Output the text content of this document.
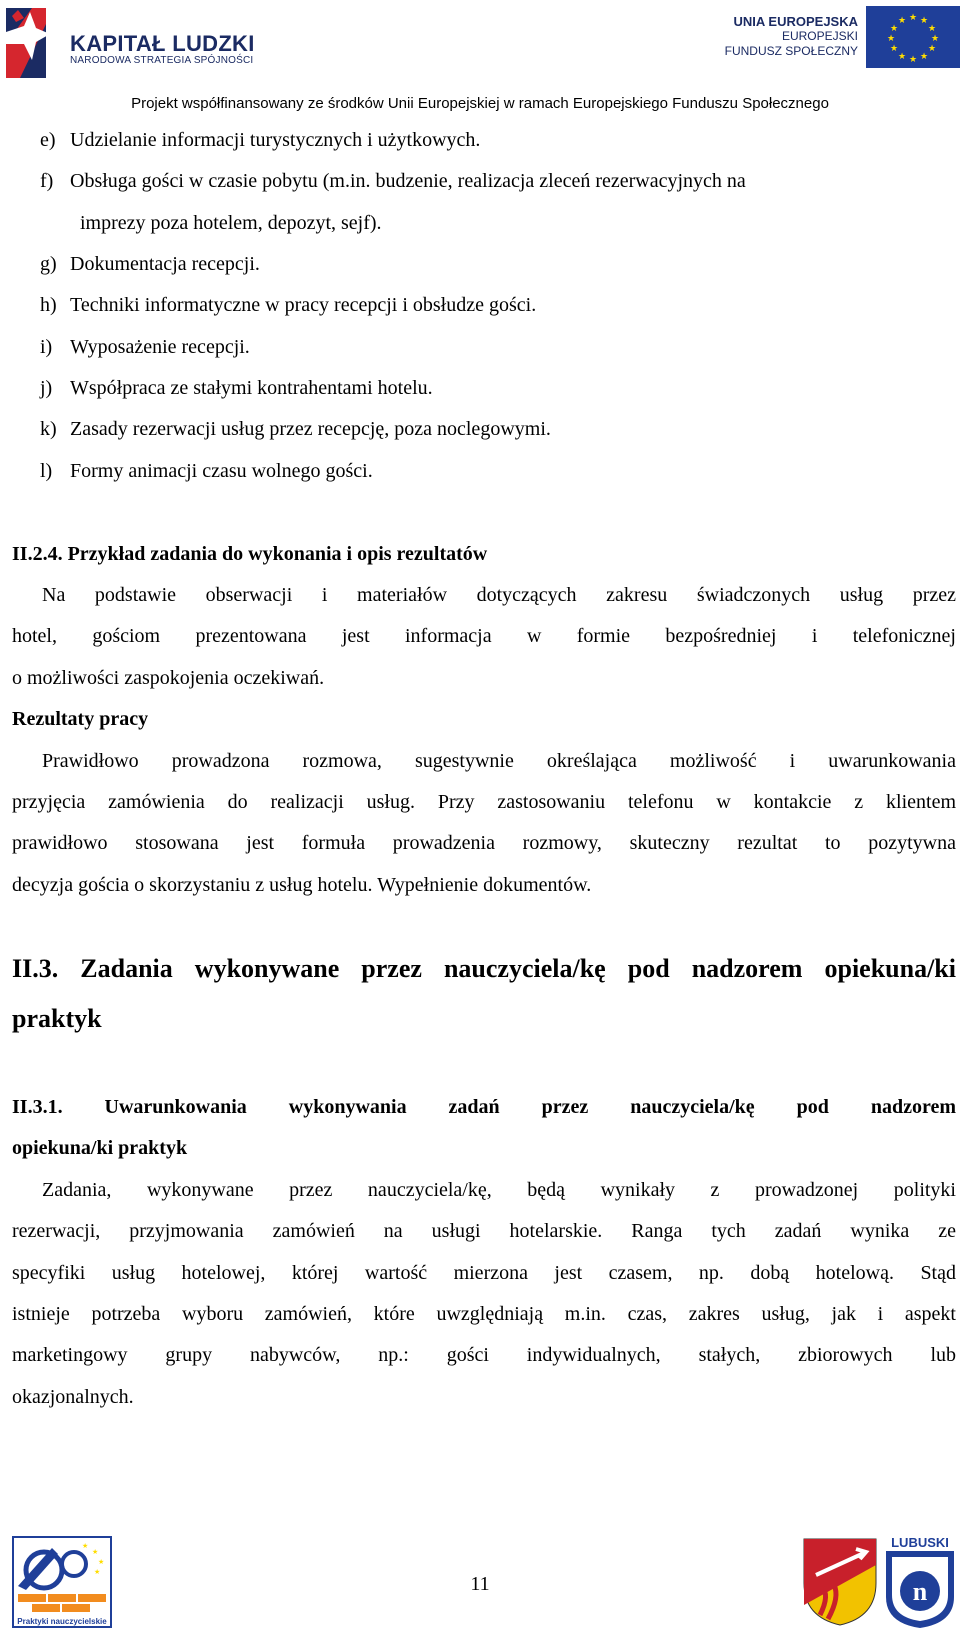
KAPITAŁ LUDZKI
NARODOWA STRATEGIA SPÓJNOŚCI
UNIA EUROPEJSKA
EUROPEJSKI
FUNDUSZ SPOŁECZNY
★ ★
★
★
★
★
★
★
★
★
★
★
Projekt współfinansowany ze środków Unii Europejskiej w ramach Europejskiego Funduszu Społecznego
e) Udzielanie informacji turystycznych i użytkowych.
f) Obsługa gości w czasie pobytu (m.in. budzenie, realizacja zleceń rezerwacyjnych na
imprezy poza hotelem, depozyt, sejf).
g) Dokumentacja recepcji.
h) Techniki informatyczne w pracy recepcji i obsłudze gości.
i) Wyposażenie recepcji.
j) Współpraca ze stałymi kontrahentami hotelu.
k) Zasady rezerwacji usług przez recepcję, poza noclegowymi.
l) Formy animacji czasu wolnego gości.
II.2.4. Przykład zadania do wykonania i opis rezultatów
Na podstawie obserwacji i materiałów dotyczących zakresu świadczonych usług przez
hotel, gościom prezentowana jest informacja w formie bezpośredniej i telefonicznej
o możliwości zaspokojenia oczekiwań.
Rezultaty pracy
Prawidłowo prowadzona rozmowa, sugestywnie określająca możliwość i uwarunkowania
przyjęcia zamówienia do realizacji usług. Przy zastosowaniu telefonu w kontakcie z klientem
prawidłowo stosowana jest formuła prowadzenia rozmowy, skuteczny rezultat to pozytywna
decyzja gościa o skorzystaniu z usług hotelu. Wypełnienie dokumentów.
II.3. Zadania wykonywane przez nauczyciela/kę pod nadzorem opiekuna/ki
praktyk
II.3.1. Uwarunkowania wykonywania zadań przez nauczyciela/kę pod nadzorem
opiekuna/ki praktyk
Zadania, wykonywane przez nauczyciela/kę, będą wynikały z prowadzonej polityki
rezerwacji, przyjmowania zamówień na usługi hotelarskie. Ranga tych zadań wynika ze
specyfiki usług hotelowej, której wartość mierzona jest czasem, np. dobą hotelową. Stąd
istnieje potrzeba wyboru zamówień, które uwzględniają m.in. czas, zakres usług, jak i aspekt
marketingowy grupy nabywców, np.: gości indywidualnych, stałych, zbiorowych lub
okazjonalnych.
★
★
★
★
Praktyki nauczycielskie
11
LUBUSKI
n
